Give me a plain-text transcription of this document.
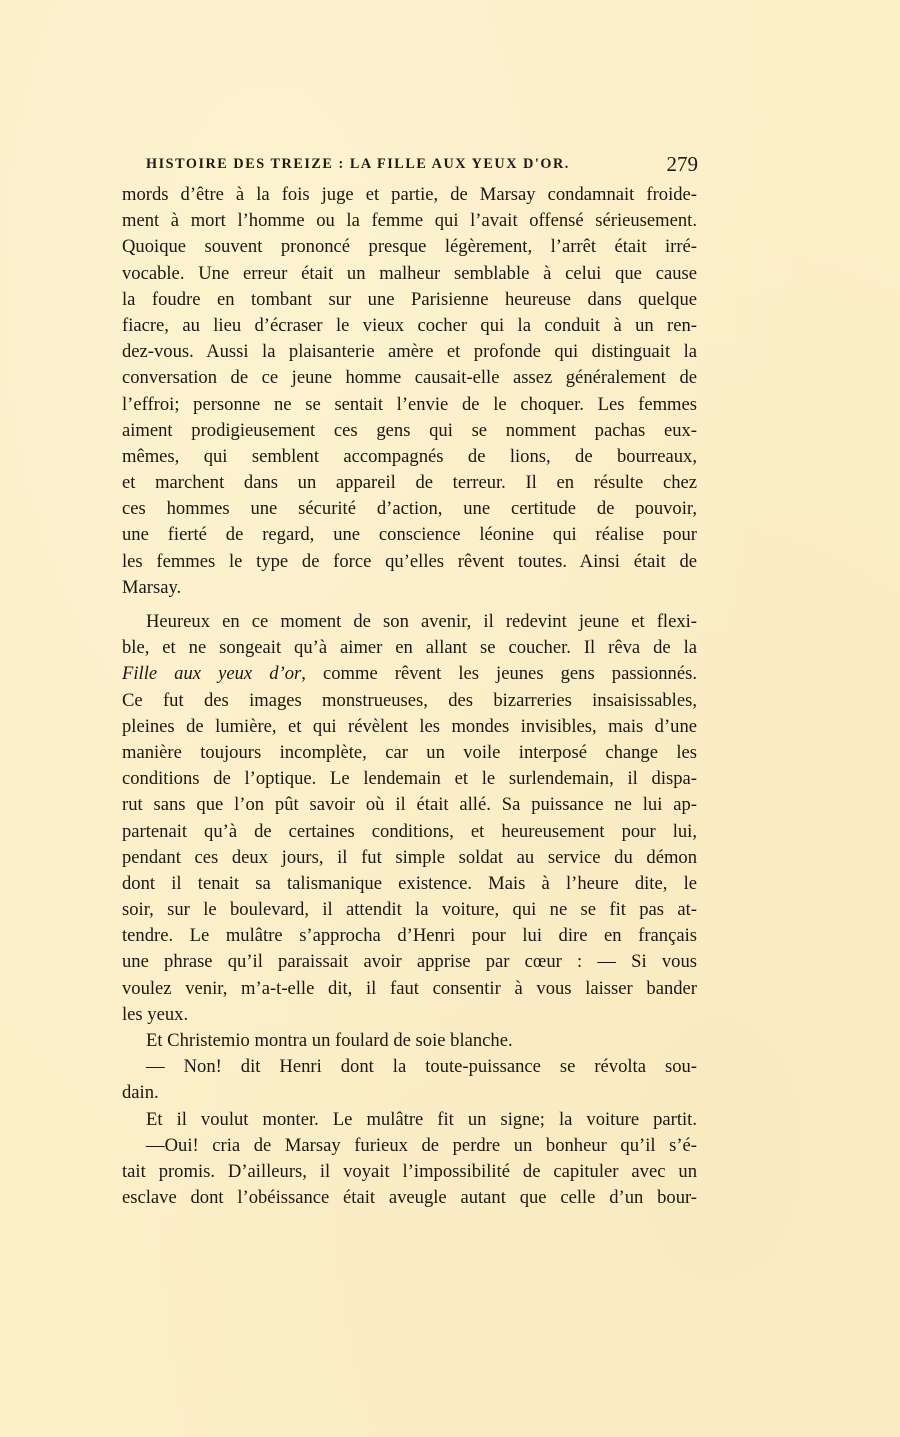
HISTOIRE DES TREIZE : LA FILLE AUX YEUX D'OR.	279
mords d’être à la fois juge et partie, de Marsay condamnait froide-
ment à mort l’homme ou la femme qui l’avait offensé sérieusement.
Quoique souvent prononcé presque légèrement, l’arrêt était irré-
vocable. Une erreur était un malheur semblable à celui que cause
la foudre en tombant sur une Parisienne heureuse dans quelque
fiacre, au lieu d’écraser le vieux cocher qui la conduit à un ren-
dez-vous. Aussi la plaisanterie amère et profonde qui distinguait la
conversation de ce jeune homme causait-elle assez généralement de
l’effroi; personne ne se sentait l’envie de le choquer. Les femmes
aiment prodigieusement ces gens qui se nomment pachas eux-
mêmes, qui semblent accompagnés de lions, de bourreaux,
et marchent dans un appareil de terreur. Il en résulte chez
ces hommes une sécurité d’action, une certitude de pouvoir,
une fierté de regard, une conscience léonine qui réalise pour
les femmes le type de force qu’elles rêvent toutes. Ainsi était de
Marsay.
Heureux en ce moment de son avenir, il redevint jeune et flexi-
ble, et ne songeait qu’à aimer en allant se coucher. Il rêva de la
Fille aux yeux d’or, comme rêvent les jeunes gens passionnés.
Ce fut des images monstrueuses, des bizarreries insaisissables,
pleines de lumière, et qui révèlent les mondes invisibles, mais d’une
manière toujours incomplète, car un voile interposé change les
conditions de l’optique. Le lendemain et le surlendemain, il dispa-
rut sans que l’on pût savoir où il était allé. Sa puissance ne lui ap-
partenait qu’à de certaines conditions, et heureusement pour lui,
pendant ces deux jours, il fut simple soldat au service du démon
dont il tenait sa talismanique existence. Mais à l’heure dite, le
soir, sur le boulevard, il attendit la voiture, qui ne se fit pas at-
tendre. Le mulâtre s’approcha d’Henri pour lui dire en français
une phrase qu’il paraissait avoir apprise par cœur : — Si vous
voulez venir, m’a-t-elle dit, il faut consentir à vous laisser bander
les yeux.
Et Christemio montra un foulard de soie blanche.
— Non! dit Henri dont la toute-puissance se révolta sou-
dain.
Et il voulut monter. Le mulâtre fit un signe; la voiture partit.
—Oui! cria de Marsay furieux de perdre un bonheur qu’il s’é-
tait promis. D’ailleurs, il voyait l’impossibilité de capituler avec un
esclave dont l’obéissance était aveugle autant que celle d’un bour-
